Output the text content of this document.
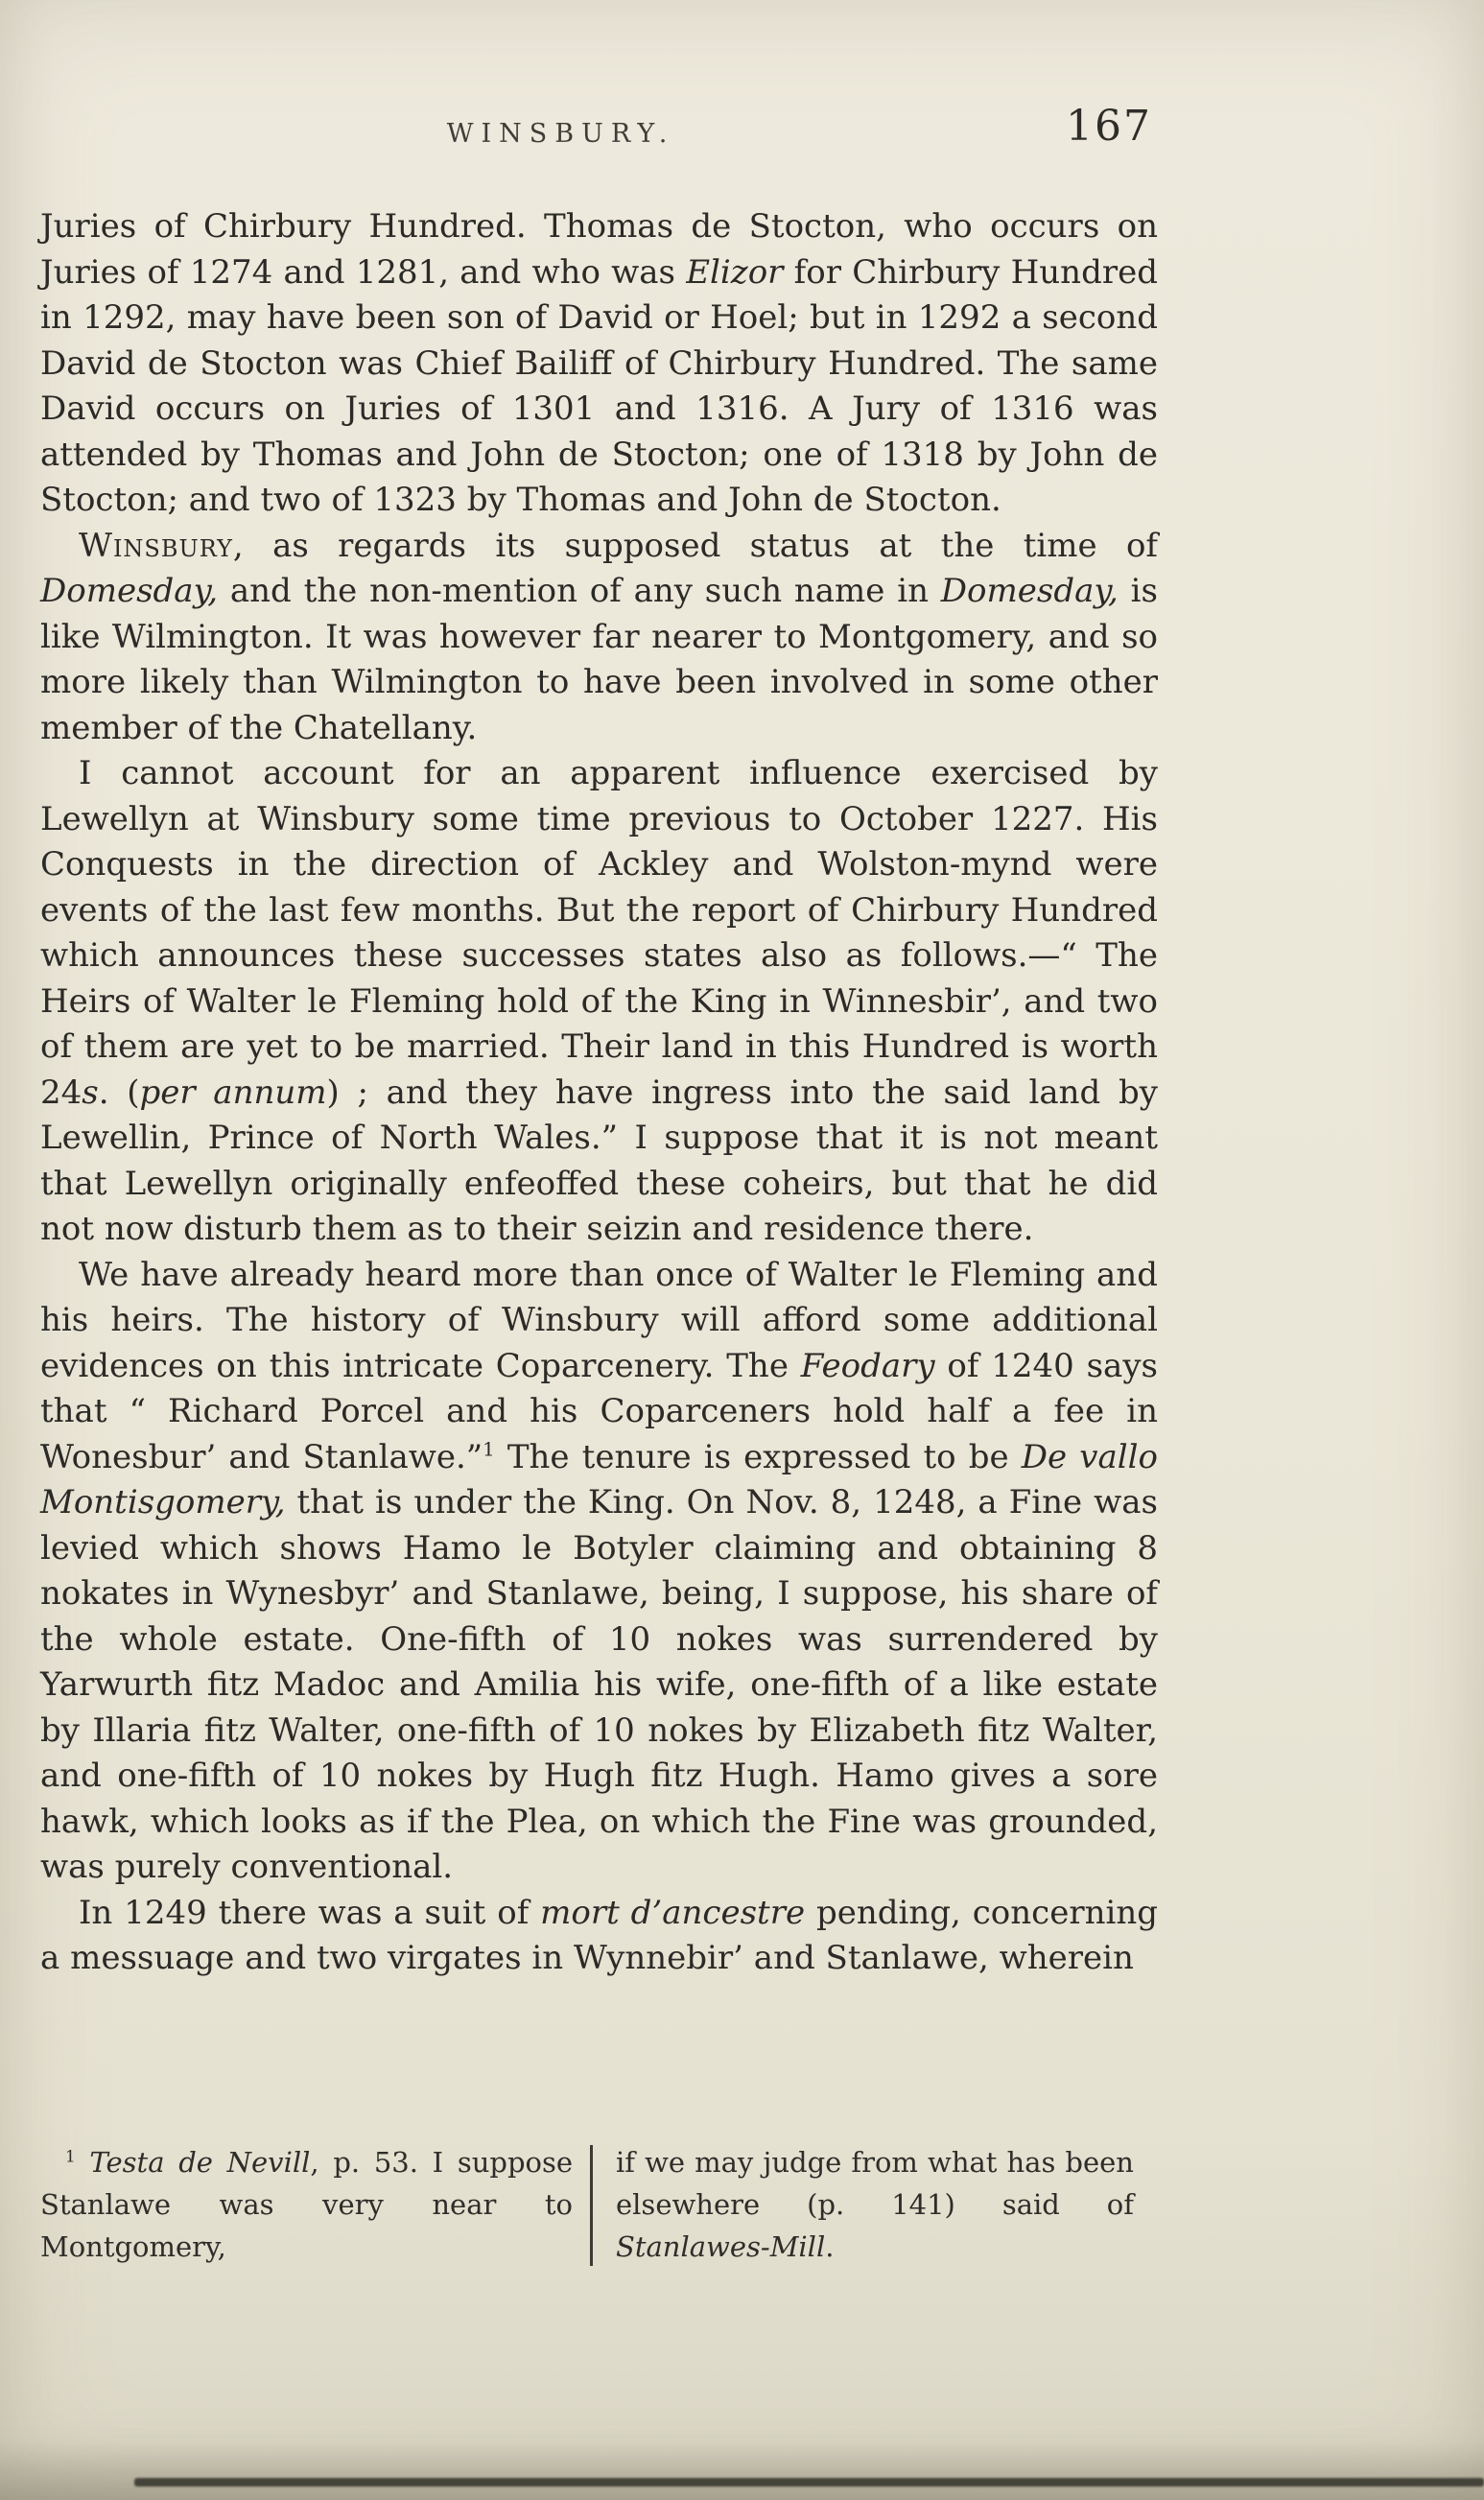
WINSBURY.	167

Juries of Chirbury Hundred. Thomas de Stocton, who occurs on Juries of 1274 and 1281, and who was Elizor for Chirbury Hundred in 1292, may have been son of David or Hoel; but in 1292 a second David de Stocton was Chief Bailiff of Chirbury Hundred. The same David occurs on Juries of 1301 and 1316. A Jury of 1316 was attended by Thomas and John de Stocton; one of 1318 by John de Stocton; and two of 1323 by Thomas and John de Stocton.

Winsbury, as regards its supposed status at the time of Domesday, and the non-mention of any such name in Domesday, is like Wilmington. It was however far nearer to Montgomery, and so more likely than Wilmington to have been involved in some other member of the Chatellany.

I cannot account for an apparent influence exercised by Lewellyn at Winsbury some time previous to October 1227. His Conquests in the direction of Ackley and Wolston-mynd were events of the last few months. But the report of Chirbury Hundred which announces these successes states also as follows.—“ The Heirs of Walter le Fleming hold of the King in Winnesbir’, and two of them are yet to be married. Their land in this Hundred is worth 24s. (per annum) ; and they have ingress into the said land by Lewellin, Prince of North Wales.” I suppose that it is not meant that Lewellyn originally enfeoffed these coheirs, but that he did not now disturb them as to their seizin and residence there.

We have already heard more than once of Walter le Fleming and his heirs. The history of Winsbury will afford some additional evidences on this intricate Coparcenery. The Feodary of 1240 says that “ Richard Porcel and his Coparceners hold half a fee in Wonesbur’ and Stanlawe.”$^1$ The tenure is expressed to be De vallo Montisgomery, that is under the King. On Nov. 8, 1248, a Fine was levied which shows Hamo le Botyler claiming and obtaining 8 nokates in Wynesbyr’ and Stanlawe, being, I suppose, his share of the whole estate. One-fifth of 10 nokes was surrendered by Yarwurth fitz Madoc and Amilia his wife, one-fifth of a like estate by Illaria fitz Walter, one-fifth of 10 nokes by Elizabeth fitz Walter, and one-fifth of 10 nokes by Hugh fitz Hugh. Hamo gives a sore hawk, which looks as if the Plea, on which the Fine was grounded, was purely conventional.

In 1249 there was a suit of mort d’ancestre pending, concerning a messuage and two virgates in Wynnebir’ and Stanlawe, wherein

$^1$ Testa de Nevill, p. 53. I suppose Stanlawe was very near to Montgomery,
if we may judge from what has been elsewhere (p. 141) said of Stanlawes-Mill.
